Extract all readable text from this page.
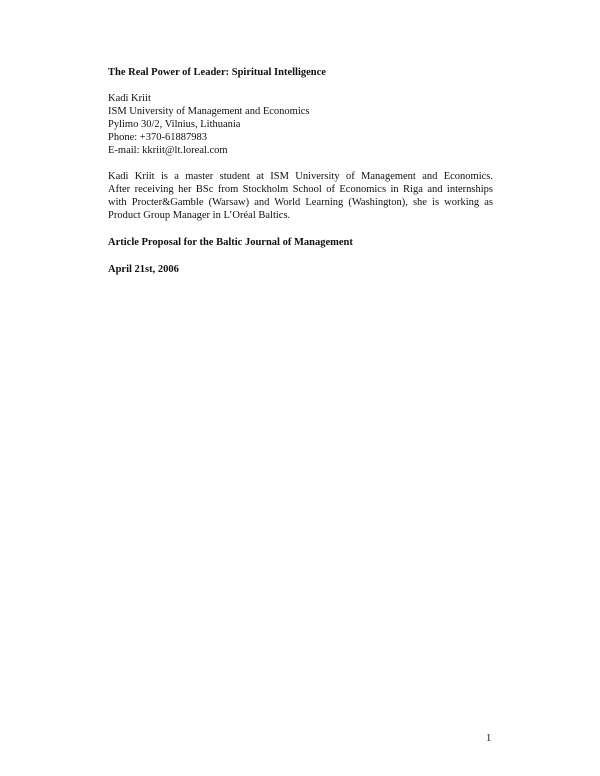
The Real Power of Leader: Spiritual Intelligence
Kadi Kriit
ISM University of Management and Economics
Pylimo 30/2, Vilnius, Lithuania
Phone: +370-61887983
E-mail: kkriit@lt.loreal.com
Kadi Kriit is a master student at ISM University of Management and Economics.
After receiving her BSc from Stockholm School of Economics in Riga and internships
with Procter&Gamble (Warsaw) and World Learning (Washington), she is working as
Product Group Manager in L’Oréal Baltics.
Article Proposal for the Baltic Journal of Management
April 21st, 2006
1
